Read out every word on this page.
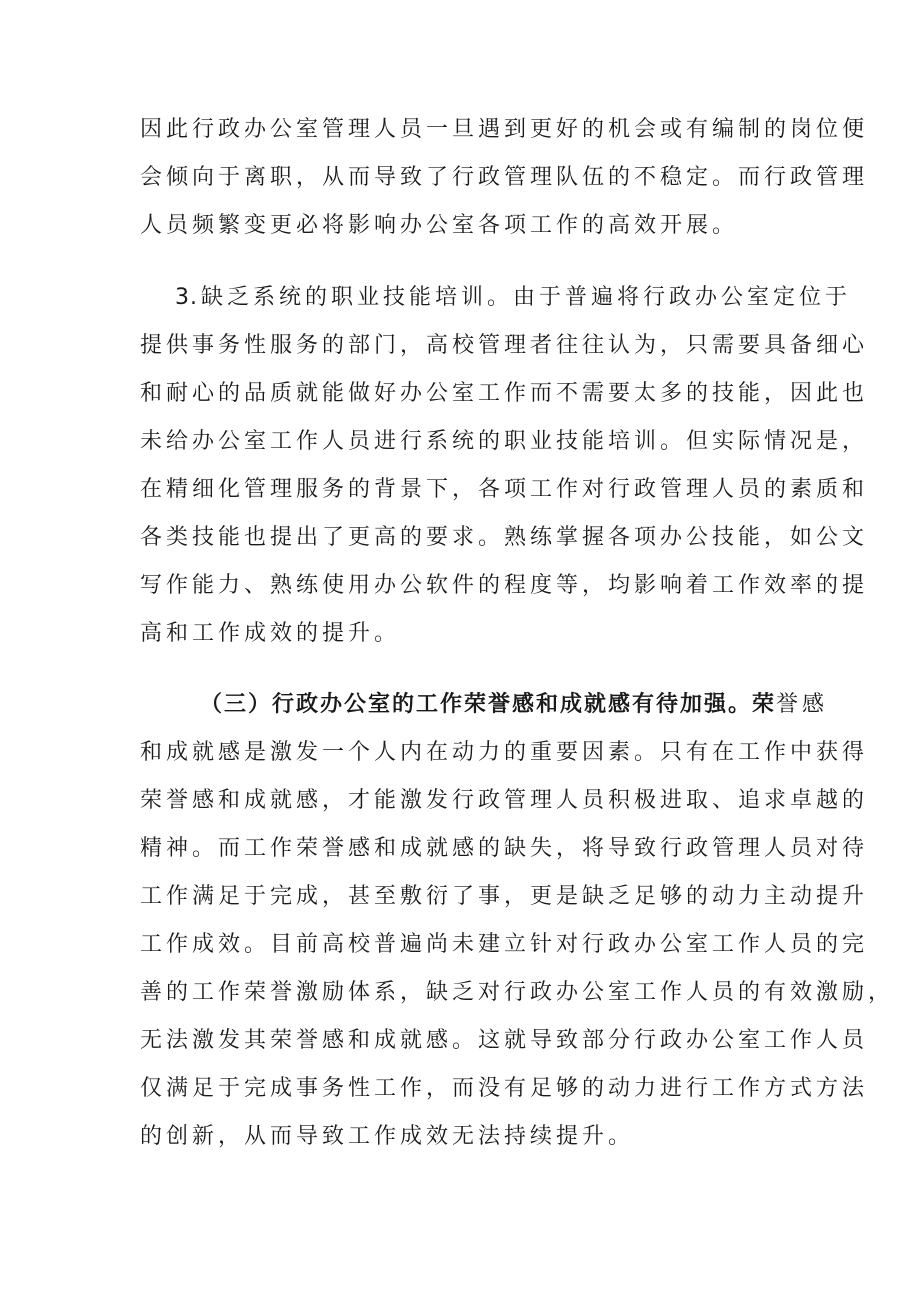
因此行政办公室管理人员一旦遇到更好的机会或有编制的岗位便
会倾向于离职，从而导致了行政管理队伍的不稳定。而行政管理
人员频繁变更必将影响办公室各项工作的高效开展。
3.缺乏系统的职业技能培训。由于普遍将行政办公室定位于
提供事务性服务的部门，高校管理者往往认为，只需要具备细心
和耐心的品质就能做好办公室工作而不需要太多的技能，因此也
未给办公室工作人员进行系统的职业技能培训。但实际情况是，
在精细化管理服务的背景下，各项工作对行政管理人员的素质和
各类技能也提出了更高的要求。熟练掌握各项办公技能，如公文
写作能力、熟练使用办公软件的程度等，均影响着工作效率的提
高和工作成效的提升。
（三）行政办公室的工作荣誉感和成就感有待加强。荣誉感
和成就感是激发一个人内在动力的重要因素。只有在工作中获得
荣誉感和成就感，才能激发行政管理人员积极进取、追求卓越的
精神。而工作荣誉感和成就感的缺失，将导致行政管理人员对待
工作满足于完成，甚至敷衍了事，更是缺乏足够的动力主动提升
工作成效。目前高校普遍尚未建立针对行政办公室工作人员的完
善的工作荣誉激励体系，缺乏对行政办公室工作人员的有效激励，
无法激发其荣誉感和成就感。这就导致部分行政办公室工作人员
仅满足于完成事务性工作，而没有足够的动力进行工作方式方法
的创新，从而导致工作成效无法持续提升。
